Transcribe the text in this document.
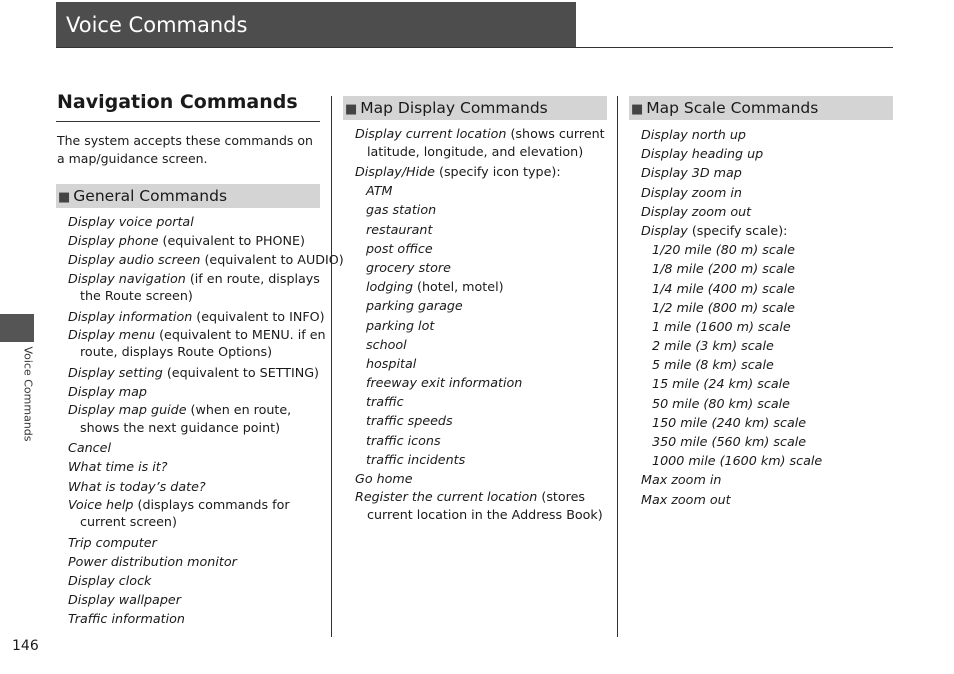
Voice Commands
Voice Commands
146
Navigation Commands
The system accepts these commands on a map/guidance screen.
■ General Commands
Display voice portal
Display phone (equivalent to PHONE)
Display audio screen (equivalent to AUDIO)
Display navigation (if en route, displays
the Route screen)
Display information (equivalent to INFO)
Display menu (equivalent to MENU. if en
route, displays Route Options)
Display setting (equivalent to SETTING)
Display map
Display map guide (when en route,
shows the next guidance point)
Cancel
What time is it?
What is today’s date?
Voice help (displays commands for
current screen)
Trip computer
Power distribution monitor
Display clock
Display wallpaper
Traffic information
■ Map Display Commands
Display current location (shows current
latitude, longitude, and elevation)
Display/Hide (specify icon type):
ATM
gas station
restaurant
post office
grocery store
lodging (hotel, motel)
parking garage
parking lot
school
hospital
freeway exit information
traffic
traffic speeds
traffic icons
traffic incidents
Go home
Register the current location (stores
current location in the Address Book)
■ Map Scale Commands
Display north up
Display heading up
Display 3D map
Display zoom in
Display zoom out
Display (specify scale):
1/20 mile (80 m) scale
1/8 mile (200 m) scale
1/4 mile (400 m) scale
1/2 mile (800 m) scale
1 mile (1600 m) scale
2 mile (3 km) scale
5 mile (8 km) scale
15 mile (24 km) scale
50 mile (80 km) scale
150 mile (240 km) scale
350 mile (560 km) scale
1000 mile (1600 km) scale
Max zoom in
Max zoom out
